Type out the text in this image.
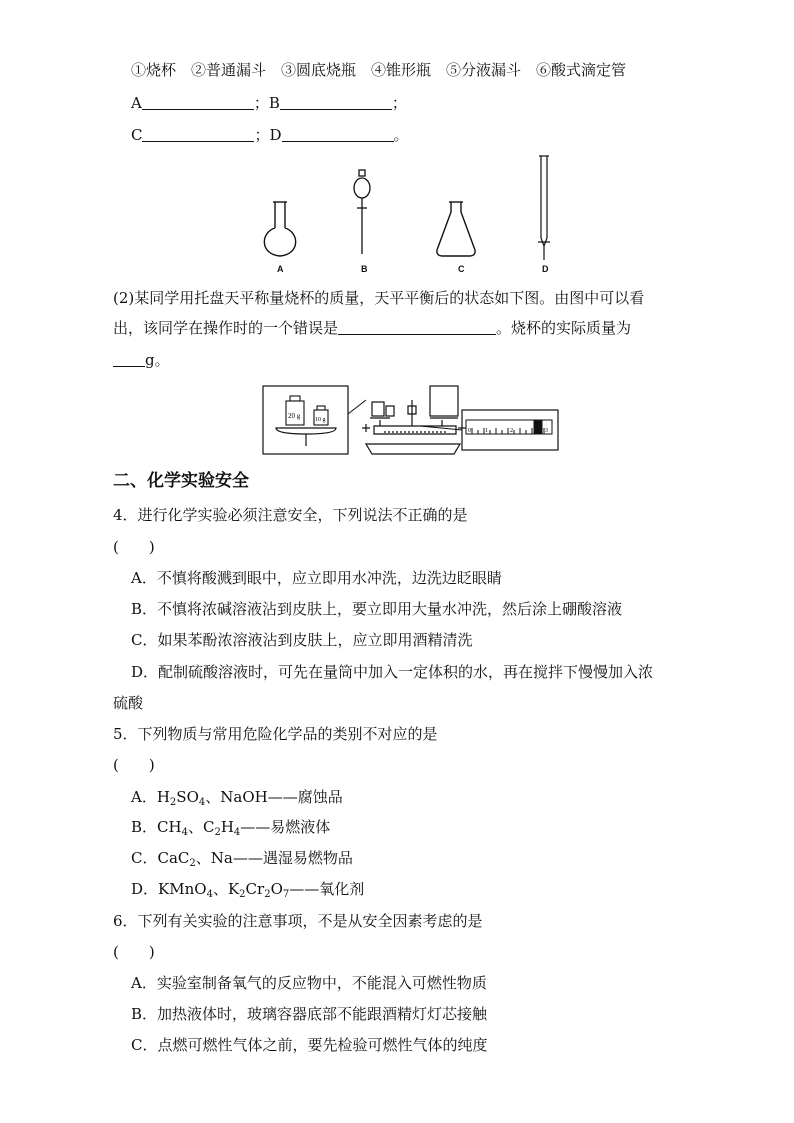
①烧杯　②普通漏斗　③圆底烧瓶　④锥形瓶　⑤分液漏斗　⑥酸式滴定管
A	；B	；
C	；D	。
A	B	C	D
(2)某同学用托盘天平称量烧杯的质量，天平平衡后的状态如下图。由图中可以看
出，该同学在操作时的一个错误是	。烧杯的实际质量为
g。
20 g 10 g
0 1	2	3
二、化学实验安全
4．进行化学实验必须注意安全，下列说法不正确的是
(　　)
A．不慎将酸溅到眼中，应立即用水冲洗，边洗边眨眼睛
B．不慎将浓碱溶液沾到皮肤上，要立即用大量水冲洗，然后涂上硼酸溶液
C．如果苯酚浓溶液沾到皮肤上，应立即用酒精清洗
D．配制硫酸溶液时，可先在量筒中加入一定体积的水，再在搅拌下慢慢加入浓
硫酸
5．下列物质与常用危险化学品的类别不对应的是
(　　)
A．$H_2SO_4$、NaOH——腐蚀品
B．$CH_4$、$C_2H_4——$易燃液体
C．CaC$_2$、Na——遇湿易燃物品
D．KMnO$_4$、$K_2Cr_2O_7——$氧化剂
6．下列有关实验的注意事项，不是从安全因素考虑的是
(　　)
A．实验室制备氧气的反应物中，不能混入可燃性物质
B．加热液体时，玻璃容器底部不能跟酒精灯灯芯接触
C．点燃可燃性气体之前，要先检验可燃性气体的纯度
